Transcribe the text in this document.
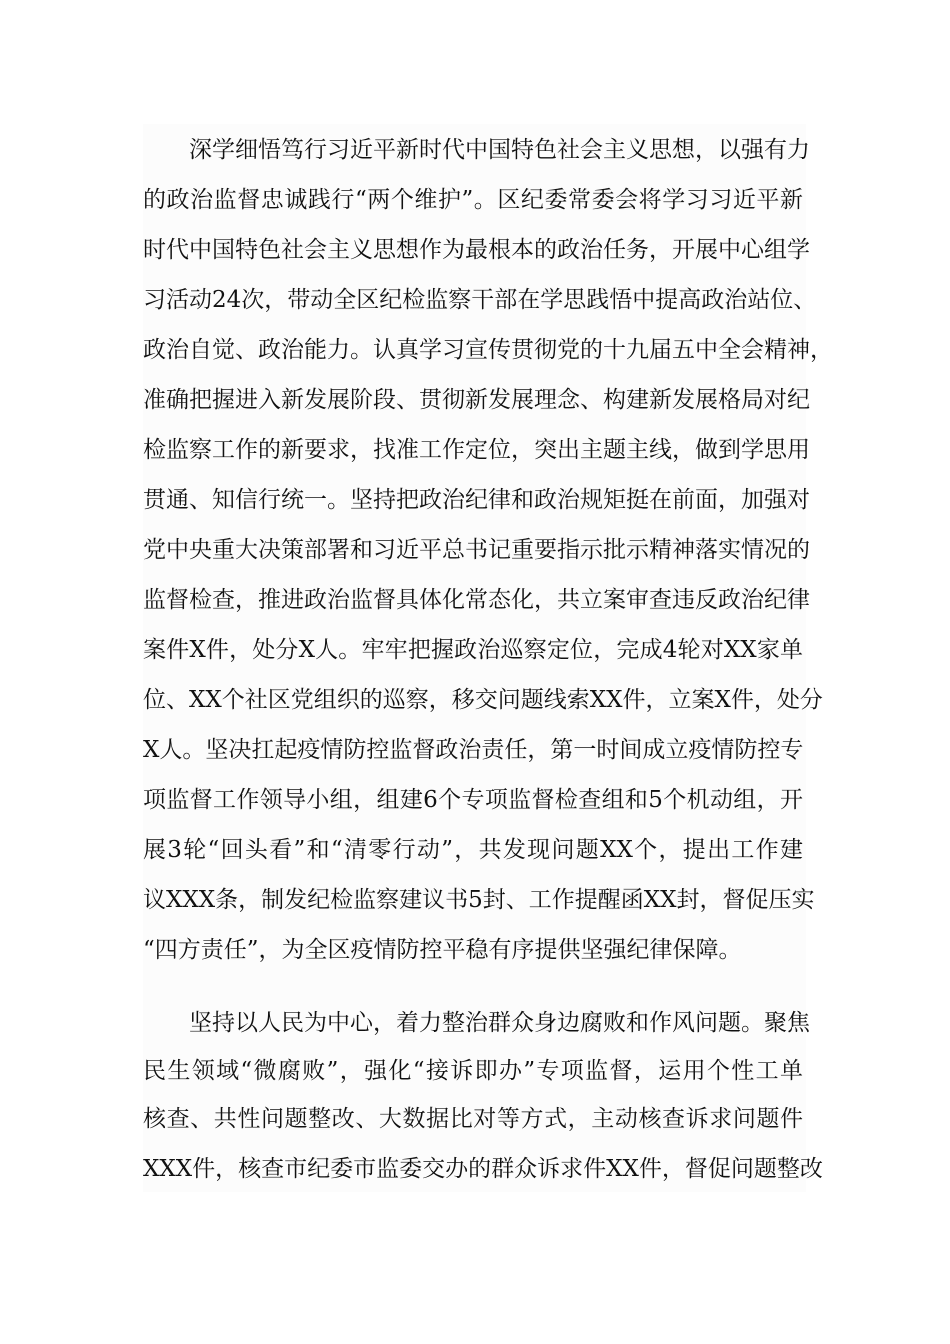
深学细悟笃行习近平新时代中国特色社会主义思想，以强有力
的政治监督忠诚践行“两个维护”。区纪委常委会将学习习近平新
时代中国特色社会主义思想作为最根本的政治任务，开展中心组学
习活动24次，带动全区纪检监察干部在学思践悟中提高政治站位、
政治自觉、政治能力。认真学习宣传贯彻党的十九届五中全会精神，
准确把握进入新发展阶段、贯彻新发展理念、构建新发展格局对纪
检监察工作的新要求，找准工作定位，突出主题主线，做到学思用
贯通、知信行统一。坚持把政治纪律和政治规矩挺在前面，加强对
党中央重大决策部署和习近平总书记重要指示批示精神落实情况的
监督检查，推进政治监督具体化常态化，共立案审查违反政治纪律
案件X件，处分X人。牢牢把握政治巡察定位，完成4轮对XX家单
位、XX个社区党组织的巡察，移交问题线索XX件，立案X件，处分
X人。坚决扛起疫情防控监督政治责任，第一时间成立疫情防控专
项监督工作领导小组，组建6个专项监督检查组和5个机动组，开
展3轮“回头看”和“清零行动”，共发现问题XX个，提出工作建
议XXX条，制发纪检监察建议书5封、工作提醒函XX封，督促压实
“四方责任”，为全区疫情防控平稳有序提供坚强纪律保障。
坚持以人民为中心，着力整治群众身边腐败和作风问题。聚焦
民生领域“微腐败”，强化“接诉即办”专项监督，运用个性工单
核查、共性问题整改、大数据比对等方式，主动核查诉求问题件
XXX件，核查市纪委市监委交办的群众诉求件XX件，督促问题整改
